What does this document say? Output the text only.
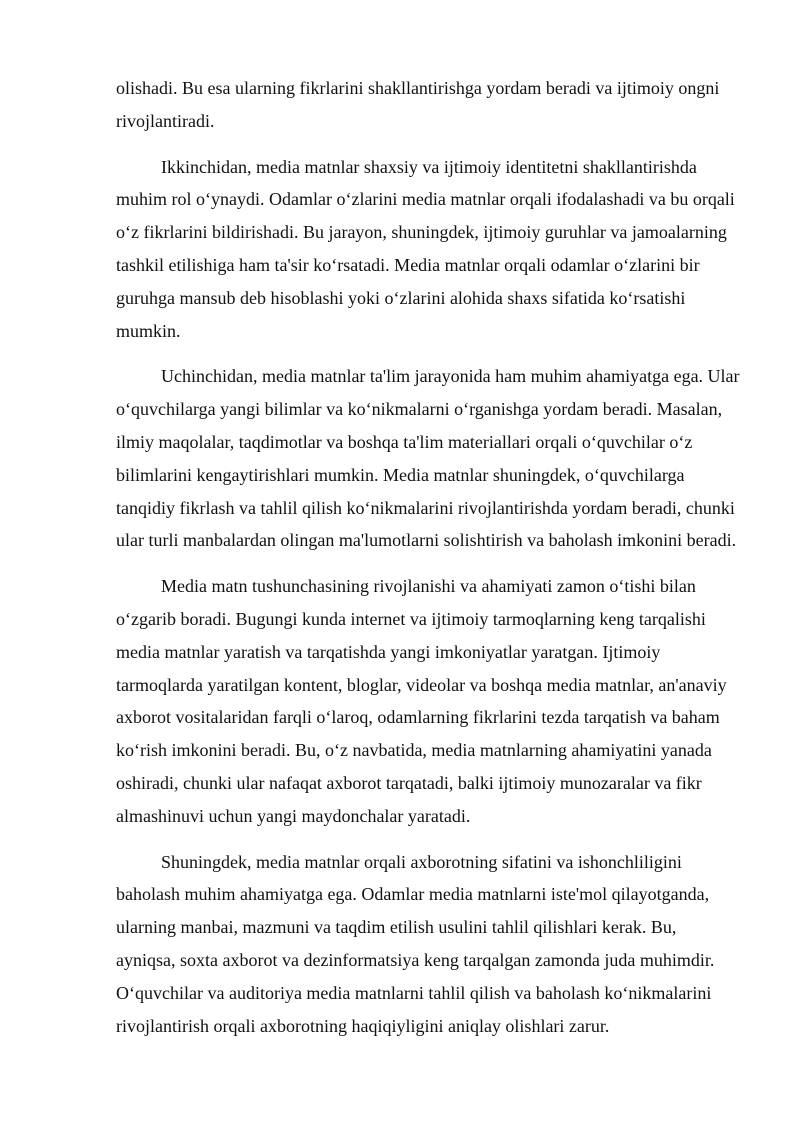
olishadi. Bu esa ularning fikrlarini shakllantirishga yordam beradi va ijtimoiy ongni rivojlantiradi.

Ikkinchidan, media matnlar shaxsiy va ijtimoiy identitetni shakllantirishda muhim rol o‘ynaydi. Odamlar o‘zlarini media matnlar orqali ifodalashadi va bu orqali o‘z fikrlarini bildirishadi. Bu jarayon, shuningdek, ijtimoiy guruhlar va jamoalarning tashkil etilishiga ham ta'sir ko‘rsatadi. Media matnlar orqali odamlar o‘zlarini bir guruhga mansub deb hisoblashi yoki o‘zlarini alohida shaxs sifatida ko‘rsatishi mumkin.

Uchinchidan, media matnlar ta'lim jarayonida ham muhim ahamiyatga ega. Ular o‘quvchilarga yangi bilimlar va ko‘nikmalarni o‘rganishga yordam beradi. Masalan, ilmiy maqolalar, taqdimotlar va boshqa ta'lim materiallari orqali o‘quvchilar o‘z bilimlarini kengaytirishlari mumkin. Media matnlar shuningdek, o‘quvchilarga tanqidiy fikrlash va tahlil qilish ko‘nikmalarini rivojlantirishda yordam beradi, chunki ular turli manbalardan olingan ma'lumotlarni solishtirish va baholash imkonini beradi.

Media matn tushunchasining rivojlanishi va ahamiyati zamon o‘tishi bilan o‘zgarib boradi. Bugungi kunda internet va ijtimoiy tarmoqlarning keng tarqalishi media matnlar yaratish va tarqatishda yangi imkoniyatlar yaratgan. Ijtimoiy tarmoqlarda yaratilgan kontent, bloglar, videolar va boshqa media matnlar, an'anaviy axborot vositalaridan farqli o‘laroq, odamlarning fikrlarini tezda tarqatish va baham ko‘rish imkonini beradi. Bu, o‘z navbatida, media matnlarning ahamiyatini yanada oshiradi, chunki ular nafaqat axborot tarqatadi, balki ijtimoiy munozaralar va fikr almashinuvi uchun yangi maydonchalar yaratadi.

Shuningdek, media matnlar orqali axborotning sifatini va ishonchliligini baholash muhim ahamiyatga ega. Odamlar media matnlarni iste'mol qilayotganda, ularning manbai, mazmuni va taqdim etilish usulini tahlil qilishlari kerak. Bu, ayniqsa, soxta axborot va dezinformatsiya keng tarqalgan zamonda juda muhimdir. O‘quvchilar va auditoriya media matnlarni tahlil qilish va baholash ko‘nikmalarini rivojlantirish orqali axborotning haqiqiyligini aniqlay olishlari zarur.
